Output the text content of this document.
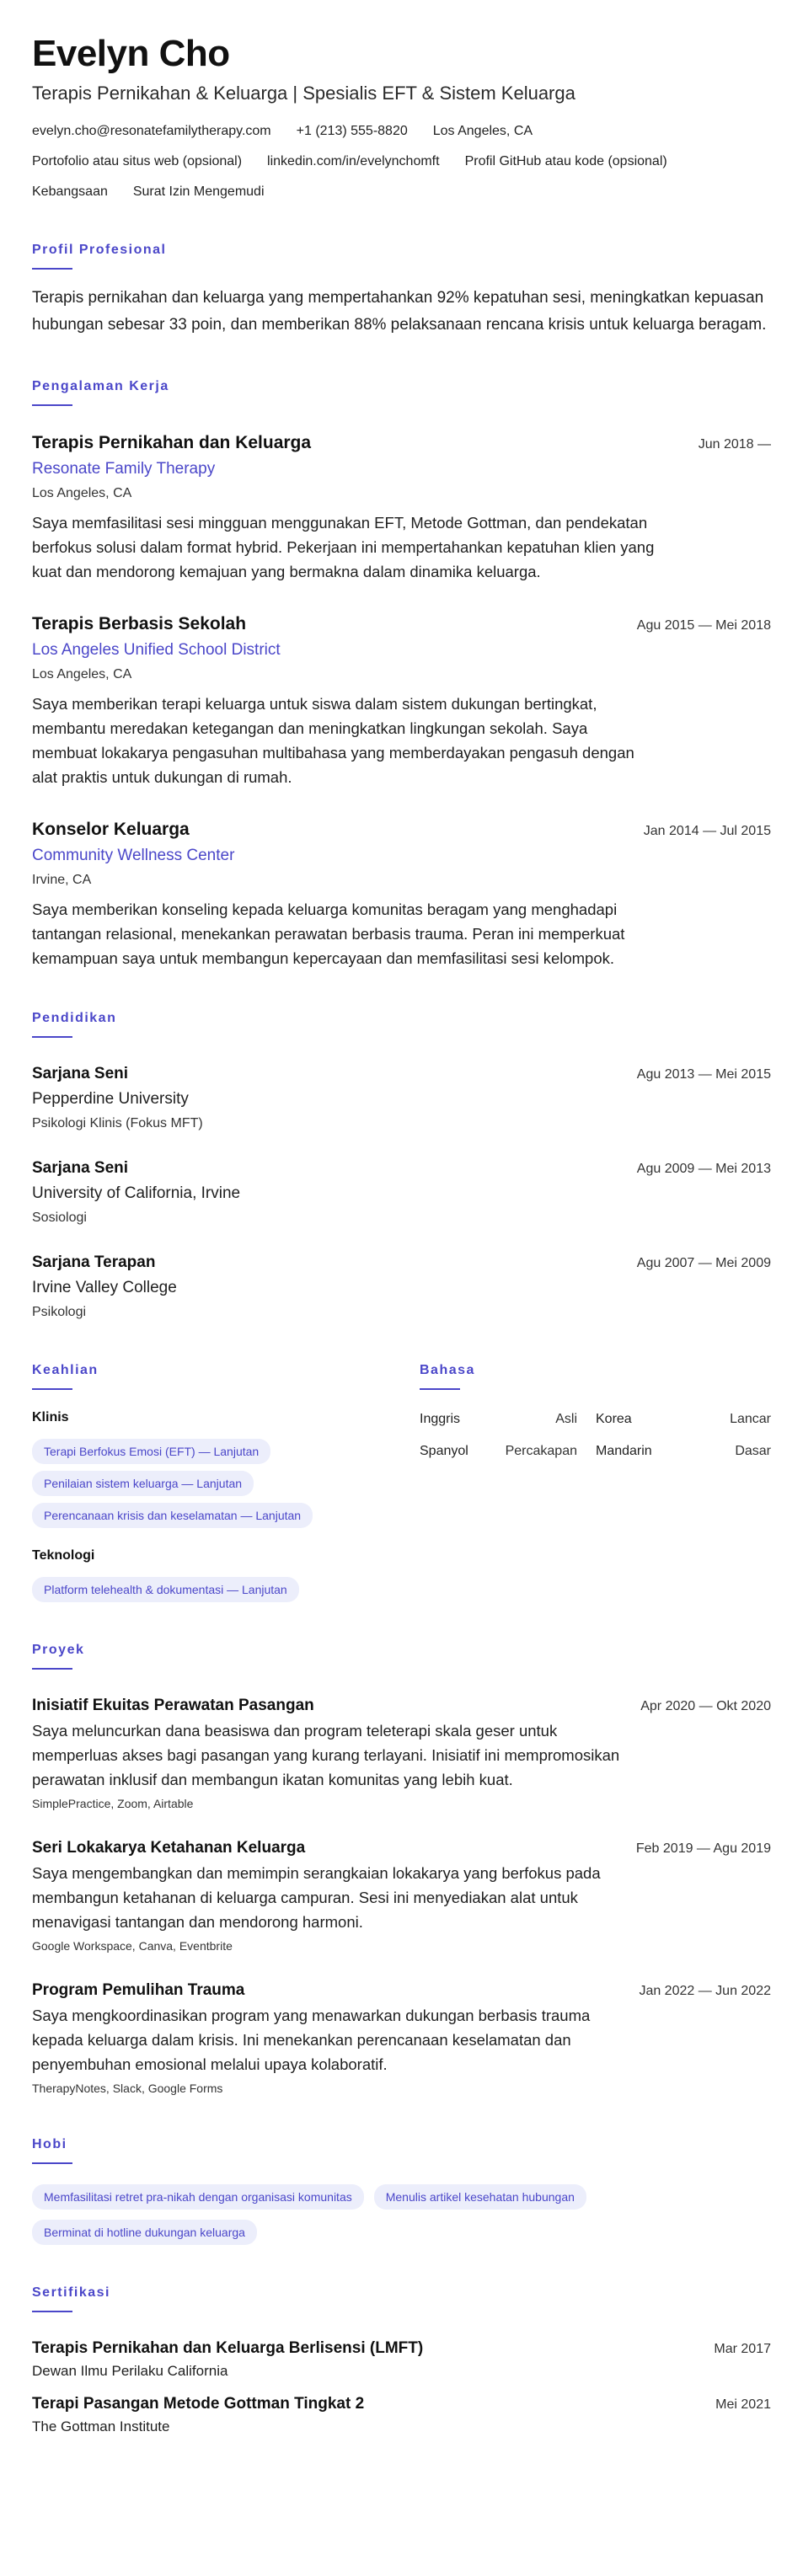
Evelyn Cho
Terapis Pernikahan & Keluarga | Spesialis EFT & Sistem Keluarga
evelyn.cho@resonatefamilytherapy.com +1 (213) 555-8820 Los Angeles, CA
Portofolio atau situs web (opsional) linkedin.com/in/evelynchomft Profil GitHub atau kode (opsional)
Kebangsaan Surat Izin Mengemudi
Profil Profesional

Terapis pernikahan dan keluarga yang mempertahankan 92% kepatuhan sesi, meningkatkan kepuasan hubungan sebesar 33 poin, dan memberikan 88% pelaksanaan rencana krisis untuk keluarga beragam.

Pengalaman Kerja
Terapis Pernikahan dan Keluarga	Jun 2018 —
Resonate Family Therapy
Los Angeles, CA

Saya memfasilitasi sesi mingguan menggunakan EFT, Metode Gottman, dan pendekatan berfokus solusi dalam format hybrid. Pekerjaan ini mempertahankan kepatuhan klien yang kuat dan mendorong kemajuan yang bermakna dalam dinamika keluarga.

Terapis Berbasis Sekolah	Agu 2015 — Mei 2018
Los Angeles Unified School District
Los Angeles, CA

Saya memberikan terapi keluarga untuk siswa dalam sistem dukungan bertingkat, membantu meredakan ketegangan dan meningkatkan lingkungan sekolah. Saya membuat lokakarya pengasuhan multibahasa yang memberdayakan pengasuh dengan alat praktis untuk dukungan di rumah.

Konselor Keluarga	Jan 2014 — Jul 2015
Community Wellness Center
Irvine, CA

Saya memberikan konseling kepada keluarga komunitas beragam yang menghadapi tantangan relasional, menekankan perawatan berbasis trauma. Peran ini memperkuat kemampuan saya untuk membangun kepercayaan dan memfasilitasi sesi kelompok.

Pendidikan
Sarjana Seni	Agu 2013 — Mei 2015
Pepperdine University
Psikologi Klinis (Fokus MFT)
Sarjana Seni	Agu 2009 — Mei 2013
University of California, Irvine
Sosiologi
Sarjana Terapan	Agu 2007 — Mei 2009
Irvine Valley College
Psikologi
Keahlian
Klinis
Terapi Berfokus Emosi (EFT) — Lanjutan
Penilaian sistem keluarga — Lanjutan
Perencanaan krisis dan keselamatan — Lanjutan
Teknologi
Platform telehealth & dokumentasi — Lanjutan
Bahasa
Inggris	Asli Korea	Lancar
Spanyol	Percakapan Mandarin	Dasar
Proyek
Inisiatif Ekuitas Perawatan Pasangan	Apr 2020 — Okt 2020

Saya meluncurkan dana beasiswa dan program teleterapi skala geser untuk memperluas akses bagi pasangan yang kurang terlayani. Inisiatif ini mempromosikan perawatan inklusif dan membangun ikatan komunitas yang lebih kuat.

SimplePractice, Zoom, Airtable
Seri Lokakarya Ketahanan Keluarga	Feb 2019 — Agu 2019

Saya mengembangkan dan memimpin serangkaian lokakarya yang berfokus pada membangun ketahanan di keluarga campuran. Sesi ini menyediakan alat untuk menavigasi tantangan dan mendorong harmoni.

Google Workspace, Canva, Eventbrite
Program Pemulihan Trauma	Jan 2022 — Jun 2022

Saya mengkoordinasikan program yang menawarkan dukungan berbasis trauma kepada keluarga dalam krisis. Ini menekankan perencanaan keselamatan dan penyembuhan emosional melalui upaya kolaboratif.

TherapyNotes, Slack, Google Forms
Hobi
Memfasilitasi retret pra-nikah dengan organisasi komunitas	Menulis artikel kesehatan hubungan
Berminat di hotline dukungan keluarga
Sertifikasi
Terapis Pernikahan dan Keluarga Berlisensi (LMFT)	Mar 2017
Dewan Ilmu Perilaku California
Terapi Pasangan Metode Gottman Tingkat 2	Mei 2021
The Gottman Institute
